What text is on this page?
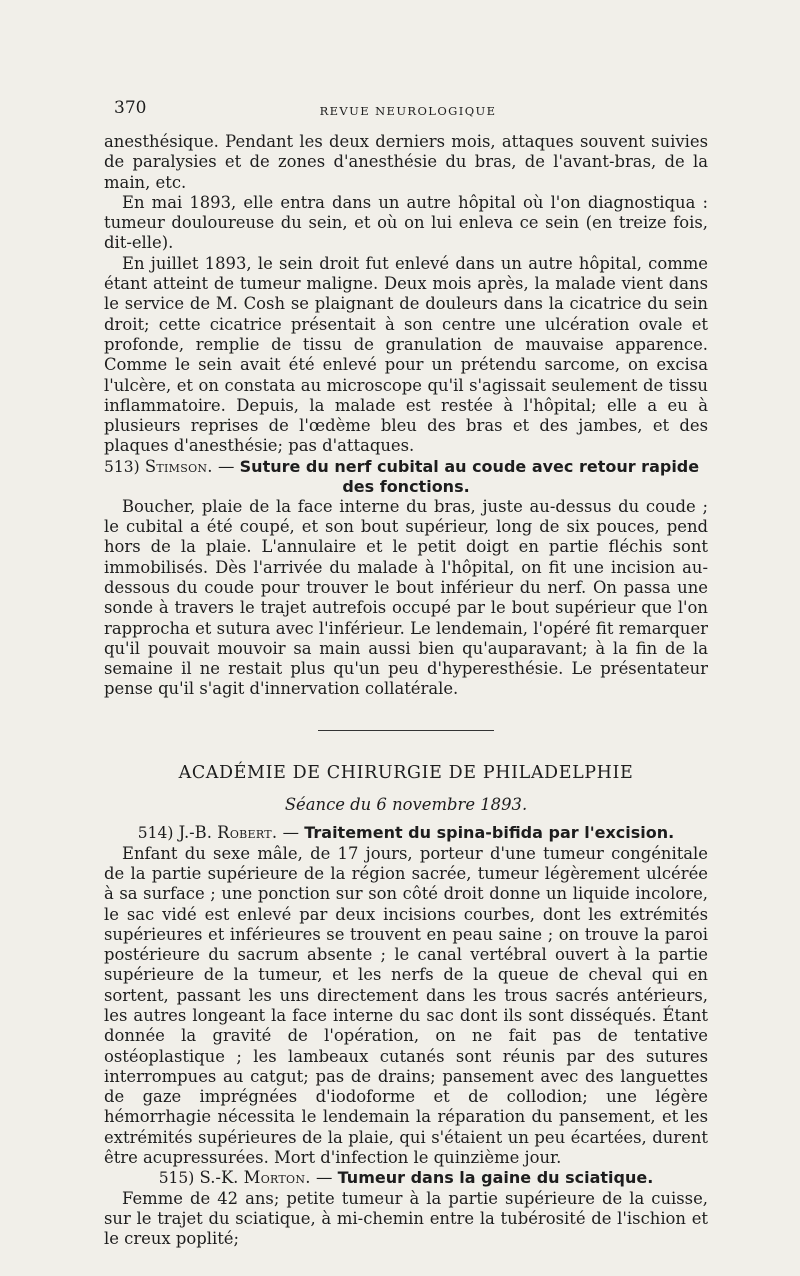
370	REVUE NEUROLOGIQUE

anesthésique. Pendant les deux derniers mois, attaques souvent suivies de paralysies et de zones d'anesthésie du bras, de l'avant-bras, de la main, etc.

En mai 1893, elle entra dans un autre hôpital où l'on diagnostiqua : tumeur douloureuse du sein, et où on lui enleva ce sein (en treize fois, dit-elle).

En juillet 1893, le sein droit fut enlevé dans un autre hôpital, comme étant atteint de tumeur maligne. Deux mois après, la malade vient dans le service de M. Cosh se plaignant de douleurs dans la cicatrice du sein droit; cette cicatrice présentait à son centre une ulcération ovale et profonde, remplie de tissu de granulation de mauvaise apparence. Comme le sein avait été enlevé pour un prétendu sarcome, on excisa l'ulcère, et on constata au microscope qu'il s'agissait seulement de tissu inflammatoire. Depuis, la malade est restée à l'hôpital; elle a eu à plusieurs reprises de l'œdème bleu des bras et des jambes, et des plaques d'anesthésie; pas d'attaques.

513) Stimson. — Suture du nerf cubital au coude avec retour rapide
des fonctions.

Boucher, plaie de la face interne du bras, juste au-dessus du coude ; le cubital a été coupé, et son bout supérieur, long de six pouces, pend hors de la plaie. L'annulaire et le petit doigt en partie fléchis sont immobilisés. Dès l'arrivée du malade à l'hôpital, on fit une incision au-dessous du coude pour trouver le bout inférieur du nerf. On passa une sonde à travers le trajet autrefois occupé par le bout supérieur que l'on rapprocha et sutura avec l'inférieur. Le lendemain, l'opéré fit remarquer qu'il pouvait mouvoir sa main aussi bien qu'auparavant; à la fin de la semaine il ne restait plus qu'un peu d'hyperesthésie. Le présentateur pense qu'il s'agit d'innervation collatérale.

ACADÉMIE DE CHIRURGIE DE PHILADELPHIE
Séance du 6 novembre 1893.

514) J.-B. Robert. — Traitement du spina-bifida par l'excision.

Enfant du sexe mâle, de 17 jours, porteur d'une tumeur congénitale de la partie supérieure de la région sacrée, tumeur légèrement ulcérée à sa surface ; une ponction sur son côté droit donne un liquide incolore, le sac vidé est enlevé par deux incisions courbes, dont les extrémités supérieures et inférieures se trouvent en peau saine ; on trouve la paroi postérieure du sacrum absente ; le canal vertébral ouvert à la partie supérieure de la tumeur, et les nerfs de la queue de cheval qui en sortent, passant les uns directement dans les trous sacrés antérieurs, les autres longeant la face interne du sac dont ils sont disséqués. Étant donnée la gravité de l'opération, on ne fait pas de tentative ostéoplastique ; les lambeaux cutanés sont réunis par des sutures interrompues au catgut; pas de drains; pansement avec des languettes de gaze imprégnées d'iodoforme et de collodion; une légère hémorrhagie nécessita le lendemain la réparation du pansement, et les extrémités supérieures de la plaie, qui s'étaient un peu écartées, durent être acupressurées. Mort d'infection le quinzième jour.

515) S.-K. Morton. — Tumeur dans la gaine du sciatique.

Femme de 42 ans; petite tumeur à la partie supérieure de la cuisse, sur le trajet du sciatique, à mi-chemin entre la tubérosité de l'ischion et le creux poplité;
